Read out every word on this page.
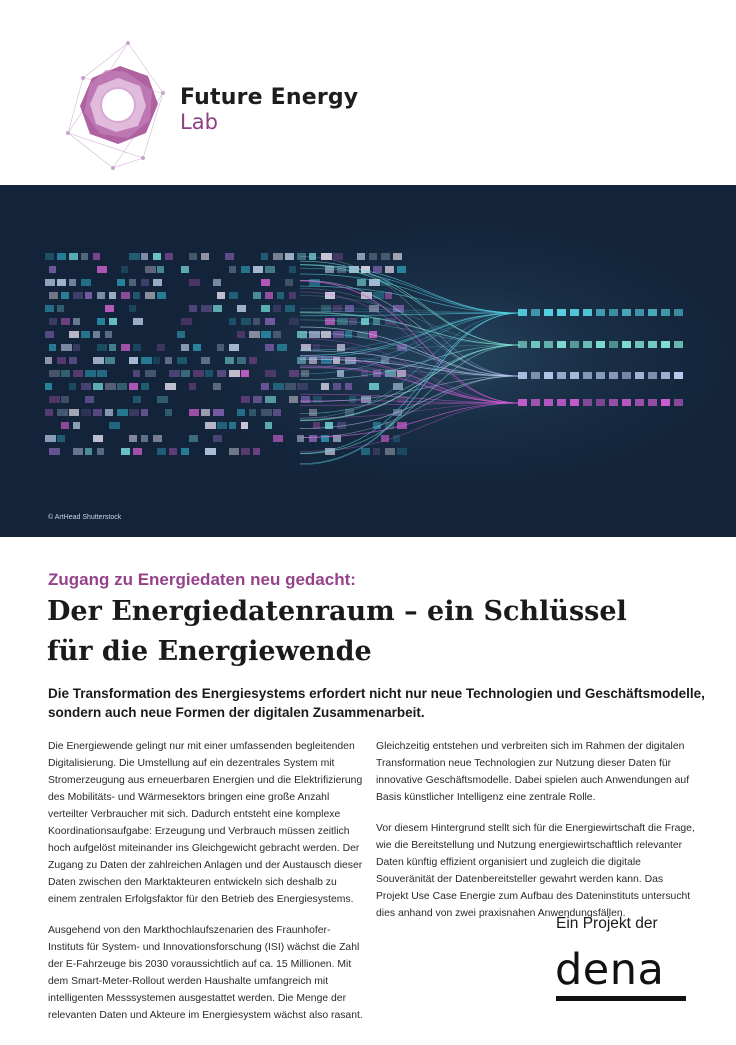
Future Energy
Lab
© ArtHead Shutterstock
Zugang zu Energiedaten neu gedacht:
Der Energiedatenraum – ein Schlüssel
für die Energiewende
Die Transformation des Energiesystems erfordert nicht nur neue Technologien und Geschäftsmodelle, sondern auch neue Formen der digitalen Zusammenarbeit.

Die Energiewende gelingt nur mit einer umfassenden begleitenden Digitalisierung. Die Umstellung auf ein dezentrales System mit Stromerzeugung aus erneuerbaren Energien und die Elektrifizierung des Mobilitäts- und Wärmesektors bringen eine große Anzahl verteilter Verbraucher mit sich. Dadurch entsteht eine komplexe Koordinationsaufgabe: Erzeugung und Verbrauch müssen zeitlich hoch aufgelöst miteinander ins Gleichgewicht gebracht werden. Der Zugang zu Daten der zahlreichen Anlagen und der Austausch dieser Daten zwischen den Marktakteuren entwickeln sich deshalb zu einem zentralen Erfolgsfaktor für den Betrieb des Energiesystems.

Ausgehend von den Markthochlaufszenarien des Fraunhofer-Instituts für System- und Innovationsforschung (ISI) wächst die Zahl der E-Fahrzeuge bis 2030 voraussichtlich auf ca. 15 Millionen. Mit dem Smart-Meter-Rollout werden Haushalte umfangreich mit intelligenten Messsystemen ausgestattet werden. Die Menge der relevanten Daten und Akteure im Energiesystem wächst also rasant.

Gleichzeitig entstehen und verbreiten sich im Rahmen der digitalen Transformation neue Technologien zur Nutzung dieser Daten für innovative Geschäftsmodelle. Dabei spielen auch Anwendungen auf Basis künstlicher Intelligenz eine zentrale Rolle.

Vor diesem Hintergrund stellt sich für die Energiewirtschaft die Frage, wie die Bereitstellung und Nutzung energiewirtschaftlich relevanter Daten künftig effizient organisiert und zugleich die digitale Souveränität der Datenbereitsteller gewahrt werden kann. Das Projekt Use Case Energie zum Aufbau des Dateninstituts untersucht dies anhand von zwei praxisnahen Anwendungsfällen.

Ein Projekt der
dena
